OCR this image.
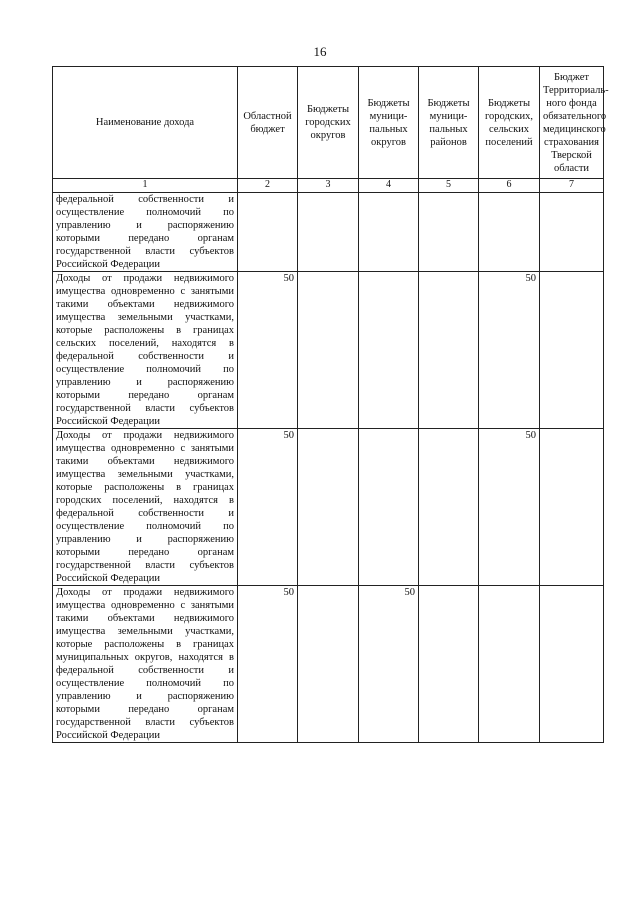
16
Наименование дохода	Областной бюджет	Бюджеты городских округов	Бюджеты муници-пальных округов	Бюджеты муници-пальных районов	Бюджеты городских, сельских поселений	Бюджет Территориаль-ного фонда обязательного медицинского страхования Тверской области
1	2	3	4	5	6	7
федеральной собственности и осуществление полномочий по управлению и распоряжению которыми передано органам государственной власти субъектов Российской Федерации						
Доходы от продажи недвижимого имущества одновременно с занятыми такими объектами недвижимого имущества земельными участками, которые расположены в границах сельских поселений, находятся в федеральной собственности и осуществление полномочий по управлению и распоряжению которыми передано органам государственной власти субъектов Российской Федерации	50				50	
Доходы от продажи недвижимого имущества одновременно с занятыми такими объектами недвижимого имущества земельными участками, которые расположены в границах городских поселений, находятся в федеральной собственности и осуществление полномочий по управлению и распоряжению которыми передано органам государственной власти субъектов Российской Федерации	50				50	
Доходы от продажи недвижимого имущества одновременно с занятыми такими объектами недвижимого имущества земельными участками, которые расположены в границах муниципальных округов, находятся в федеральной собственности и осуществление полномочий по управлению и распоряжению которыми передано органам государственной власти субъектов Российской Федерации	50		50			
